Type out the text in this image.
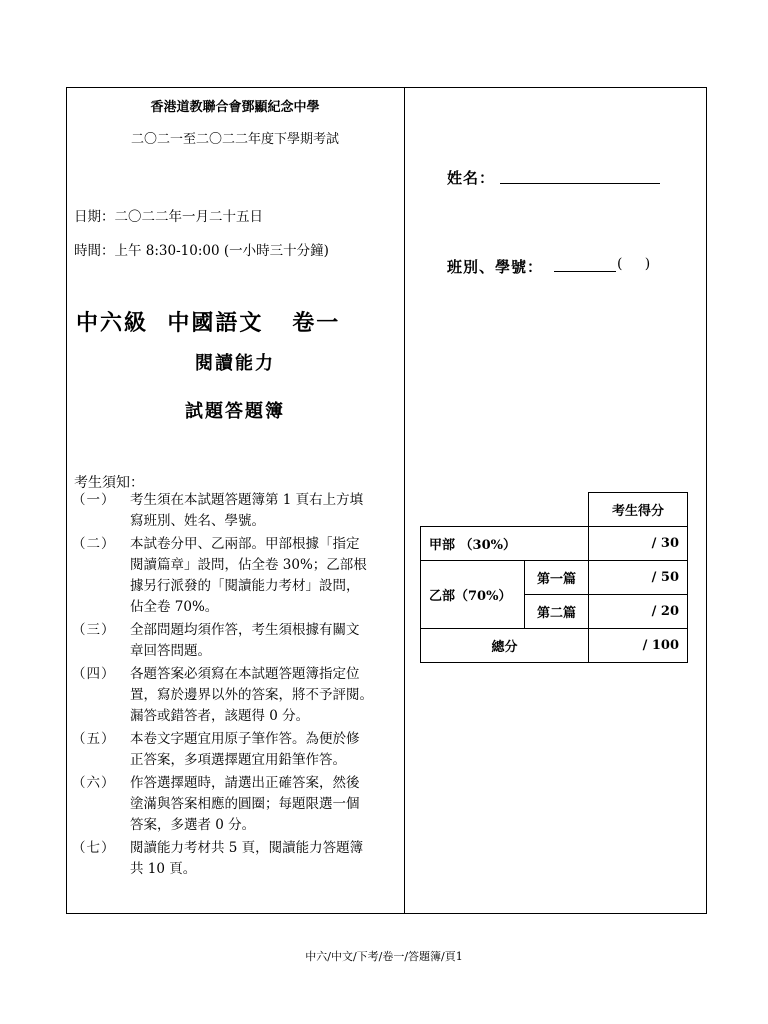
香港道教聯合會鄧顯紀念中學
二〇二一至二〇二二年度下學期考試
日期：二〇二二年一月二十五日
時間：上午 8:30-10:00 (一小時三十分鐘)
中六級  中國語文   卷一
閱讀能力
試題答題簿
考生須知：
（一）	考生須在本試題答題簿第 1 頁右上方填
寫班別、姓名、學號。
（二）	本試卷分甲、乙兩部。甲部根據「指定
閱讀篇章」設問，佔全卷 30%；乙部根
據另行派發的「閱讀能力考材」設問，
佔全卷 70%。
（三）	全部問題均須作答，考生須根據有關文
章回答問題。
（四）	各題答案必須寫在本試題答題簿指定位
置，寫於邊界以外的答案，將不予評閱。
漏答或錯答者，該題得 0 分。
（五）	本卷文字題宜用原子筆作答。為便於修
正答案，多項選擇題宜用鉛筆作答。
（六）	作答選擇題時，請選出正確答案，然後
塗滿與答案相應的圓圈；每題限選一個
答案，多選者 0 分。
（七）	閱讀能力考材共 5 頁，閱讀能力答題簿
共 10 頁。
姓名：
班別、學號：	(     )
		考生得分
甲部 （30%）		/ 30
乙部（70%）	第一篇	/ 50
	第二篇	/ 20
總分		/ 100
中六/中文/下考/卷一/答題簿/頁1
